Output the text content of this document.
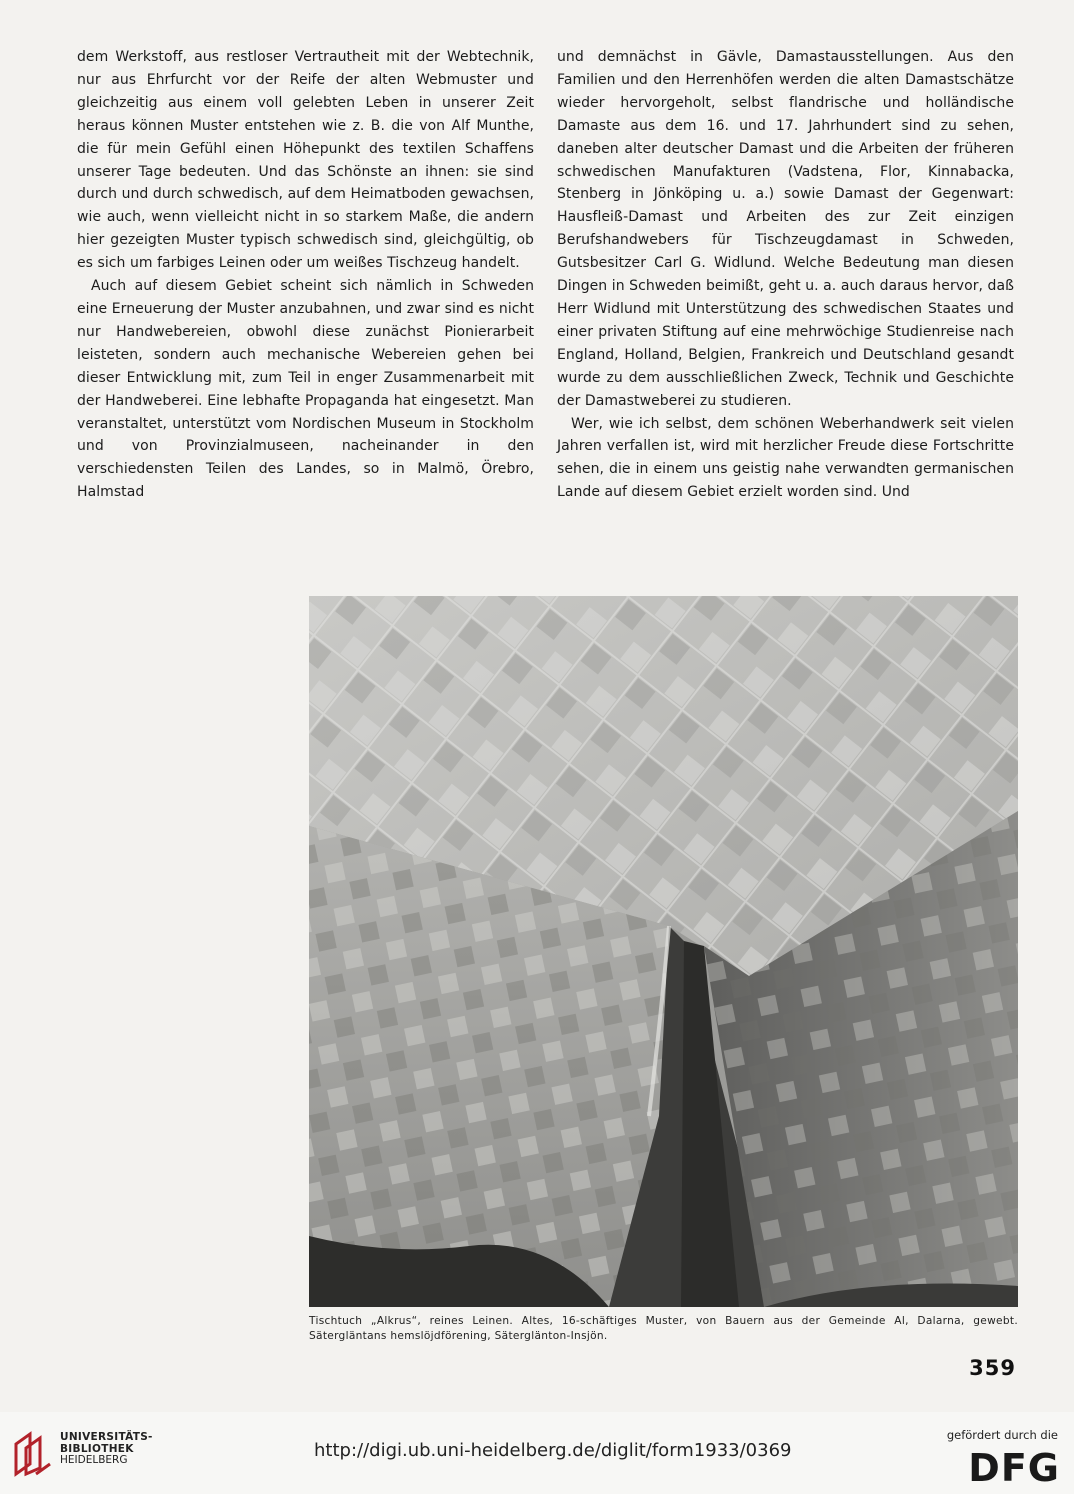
dem Werkstoff, aus restloser Vertrautheit mit der Webtechnik, nur aus Ehrfurcht vor der Reife der alten Webmuster und gleichzeitig aus einem voll gelebten Leben in unserer Zeit heraus können Muster entstehen wie z. B. die von Alf Munthe, die für mein Gefühl einen Höhepunkt des textilen Schaffens unserer Tage bedeuten. Und das Schönste an ihnen: sie sind durch und durch schwedisch, auf dem Heimatboden gewachsen, wie auch, wenn vielleicht nicht in so starkem Maße, die andern hier gezeigten Muster typisch schwedisch sind, gleichgültig, ob es sich um farbiges Leinen oder um weißes Tischzeug handelt.

Auch auf diesem Gebiet scheint sich nämlich in Schweden eine Erneuerung der Muster anzubahnen, und zwar sind es nicht nur Handwebereien, obwohl diese zunächst Pionierarbeit leisteten, sondern auch mechanische Webereien gehen bei dieser Entwicklung mit, zum Teil in enger Zusammenarbeit mit der Handweberei. Eine lebhafte Propaganda hat eingesetzt. Man veranstaltet, unterstützt vom Nordischen Museum in Stockholm und von Provinzialmuseen, nacheinander in den verschiedensten Teilen des Landes, so in Malmö, Örebro, Halmstad

und demnächst in Gävle, Damastausstellungen. Aus den Familien und den Herrenhöfen werden die alten Damastschätze wieder hervorgeholt, selbst flandrische und holländische Damaste aus dem 16. und 17. Jahrhundert sind zu sehen, daneben alter deutscher Damast und die Arbeiten der früheren schwedischen Manufakturen (Vadstena, Flor, Kinnabacka, Stenberg in Jönköping u. a.) sowie Damast der Gegenwart: Hausfleiß-Damast und Arbeiten des zur Zeit einzigen Berufshandwebers für Tischzeugdamast in Schweden, Gutsbesitzer Carl G. Widlund. Welche Bedeutung man diesen Dingen in Schweden beimißt, geht u. a. auch daraus hervor, daß Herr Widlund mit Unterstützung des schwedischen Staates und einer privaten Stiftung auf eine mehrwöchige Studienreise nach England, Holland, Belgien, Frankreich und Deutschland gesandt wurde zu dem ausschließlichen Zweck, Technik und Geschichte der Damastweberei zu studieren.

Wer, wie ich selbst, dem schönen Weberhandwerk seit vielen Jahren verfallen ist, wird mit herzlicher Freude diese Fortschritte sehen, die in einem uns geistig nahe verwandten germanischen Lande auf diesem Gebiet erzielt worden sind. Und

Tischtuch „Alkrus“, reines Leinen. Altes, 16-schäftiges Muster, von Bauern aus der Gemeinde Al, Dalarna, gewebt. Sätergläntans hemslöjdförening, Säterglänton-Insjön.
359
UNIVERSITÄTS-
BIBLIOTHEK
HEIDELBERG	http://digi.ub.uni-heidelberg.de/diglit/form1933/0369
gefördert durch die
DFG
